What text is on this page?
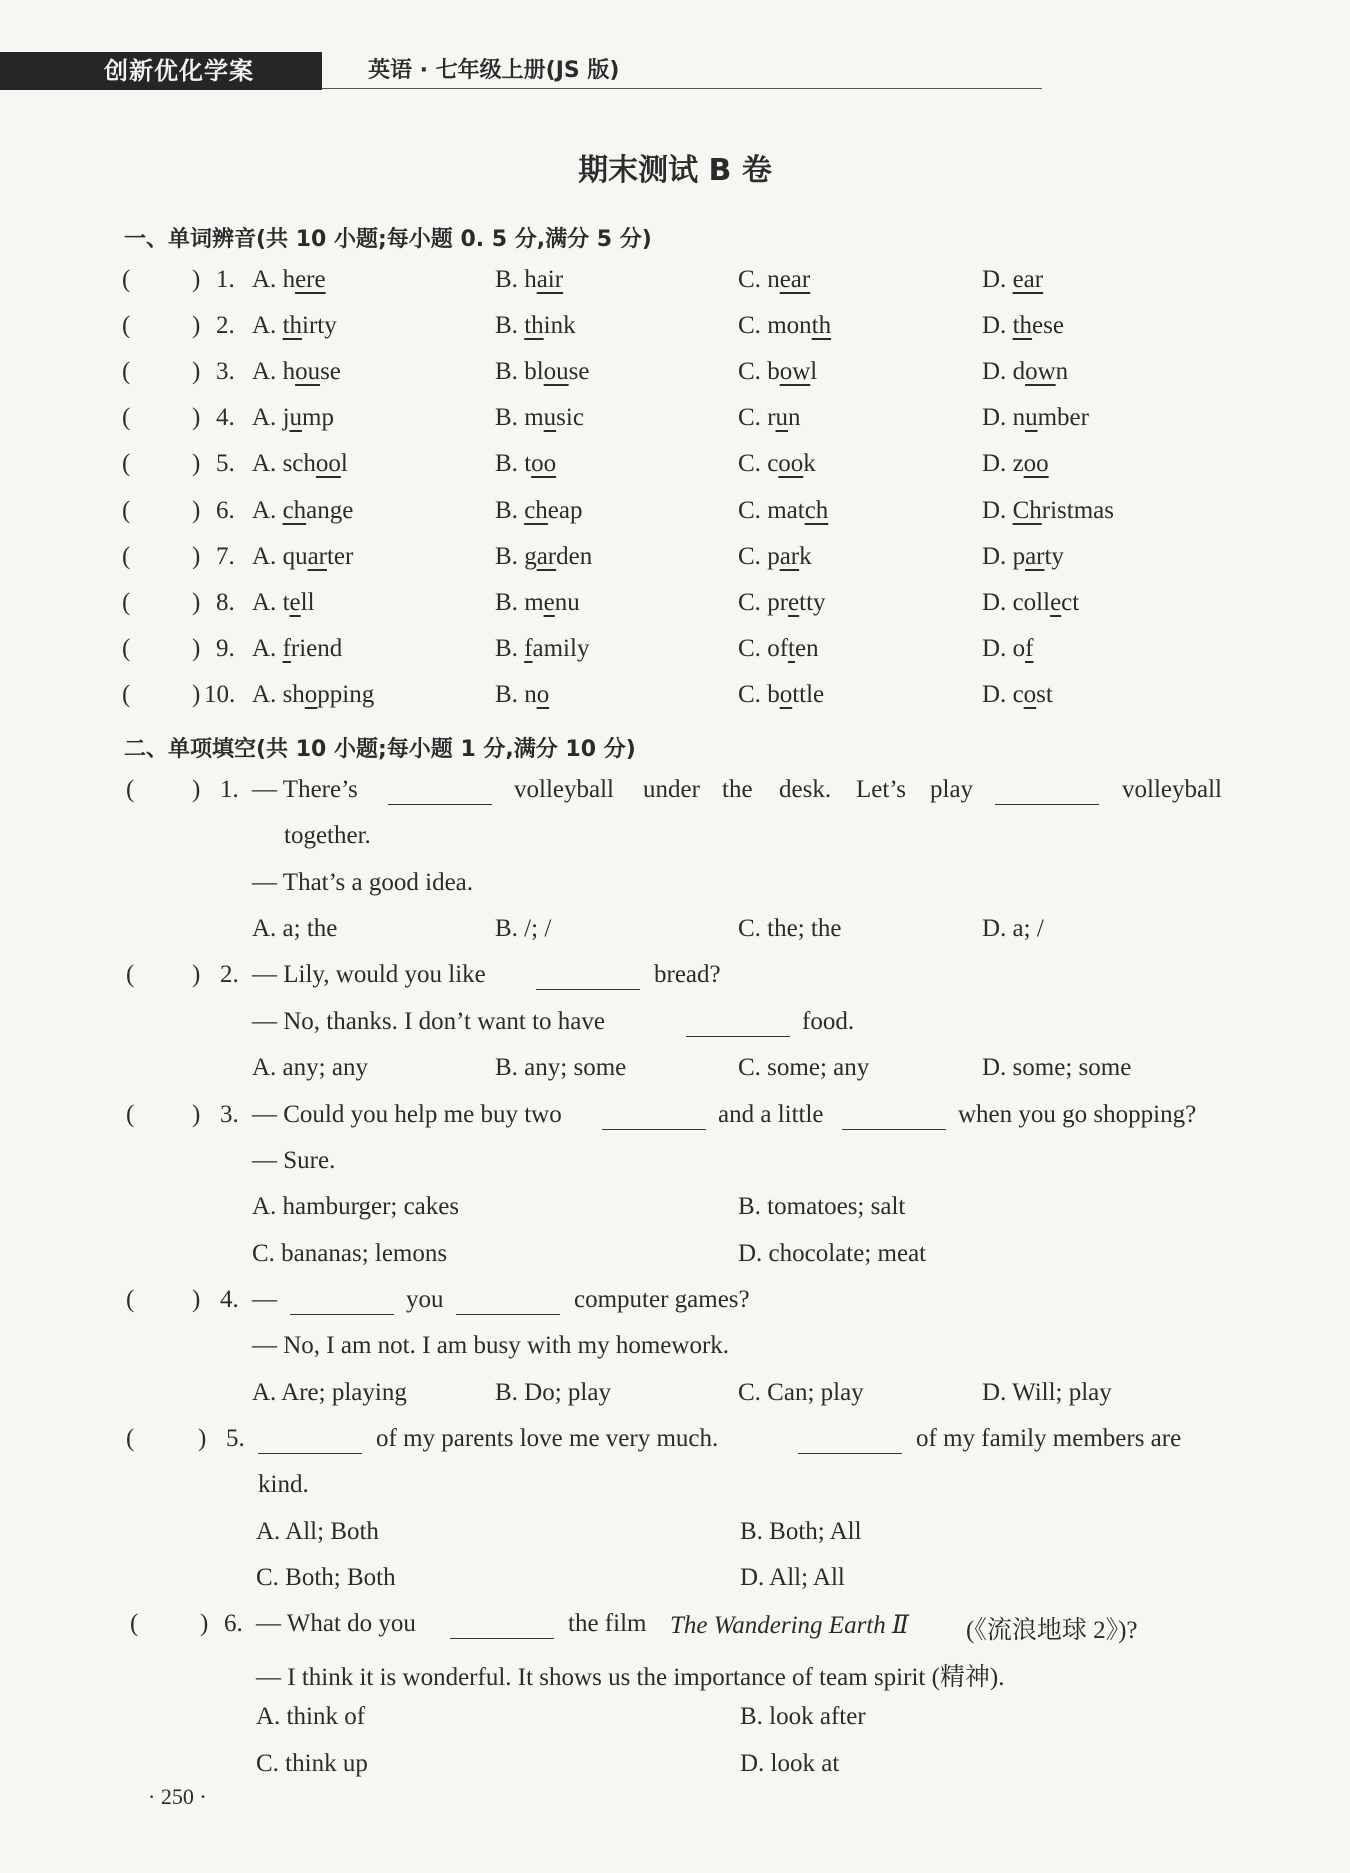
创新优化学案	英语 · 七年级上册(JS 版)
期末测试 B 卷
一、单词辨音(共 10 小题;每小题 0. 5 分,满分 5 分)
( ) 1. A. here	B. hair	C. near	D. ear
( ) 2. A. thirty	B. think	C. month	D. these
( ) 3. A. house	B. blouse	C. bowl	D. down
( ) 4. A. jump	B. music	C. run	D. number
( ) 5. A. school	B. too	C. cook	D. zoo
( ) 6. A. change	B. cheap	C. match	D. Christmas
( ) 7. A. quarter	B. garden	C. park	D. party
( ) 8. A. tell	B. menu	C. pretty	D. collect
( ) 9. A. friend	B. family	C. often	D. of
( ) 10. A. shopping	B. no	C. bottle	D. cost
二、单项填空(共 10 小题;每小题 1 分,满分 10 分)
( ) 1. — There’s	volleyball under the desk. Let’s play	volleyball
together.
— That’s a good idea.
A. a; the	B. /; /	C. the; the	D. a; /
( ) 2. — Lily, would you like	bread?
— No, thanks. I don’t want to have	food.
A. any; any	B. any; some	C. some; any	D. some; some
( ) 3. — Could you help me buy two	and a little	when you go shopping?
— Sure.
A. hamburger; cakes	B. tomatoes; salt
C. bananas; lemons	D. chocolate; meat
( ) 4. —	you	computer games?
— No, I am not. I am busy with my homework.
A. Are; playing	B. Do; play	C. Can; play	D. Will; play
(	) 5.	of my parents love me very much.	of my family members are
kind.
A. All; Both	B. Both; All
C. Both; Both	D. All; All
( ) 6. — What do you	the film The Wandering Earth Ⅱ (《流浪地球 2》)?
— I think it is wonderful. It shows us the importance of team spirit (精神).
A. think of	B. look after
C. think up	D. look at
· 250 ·
